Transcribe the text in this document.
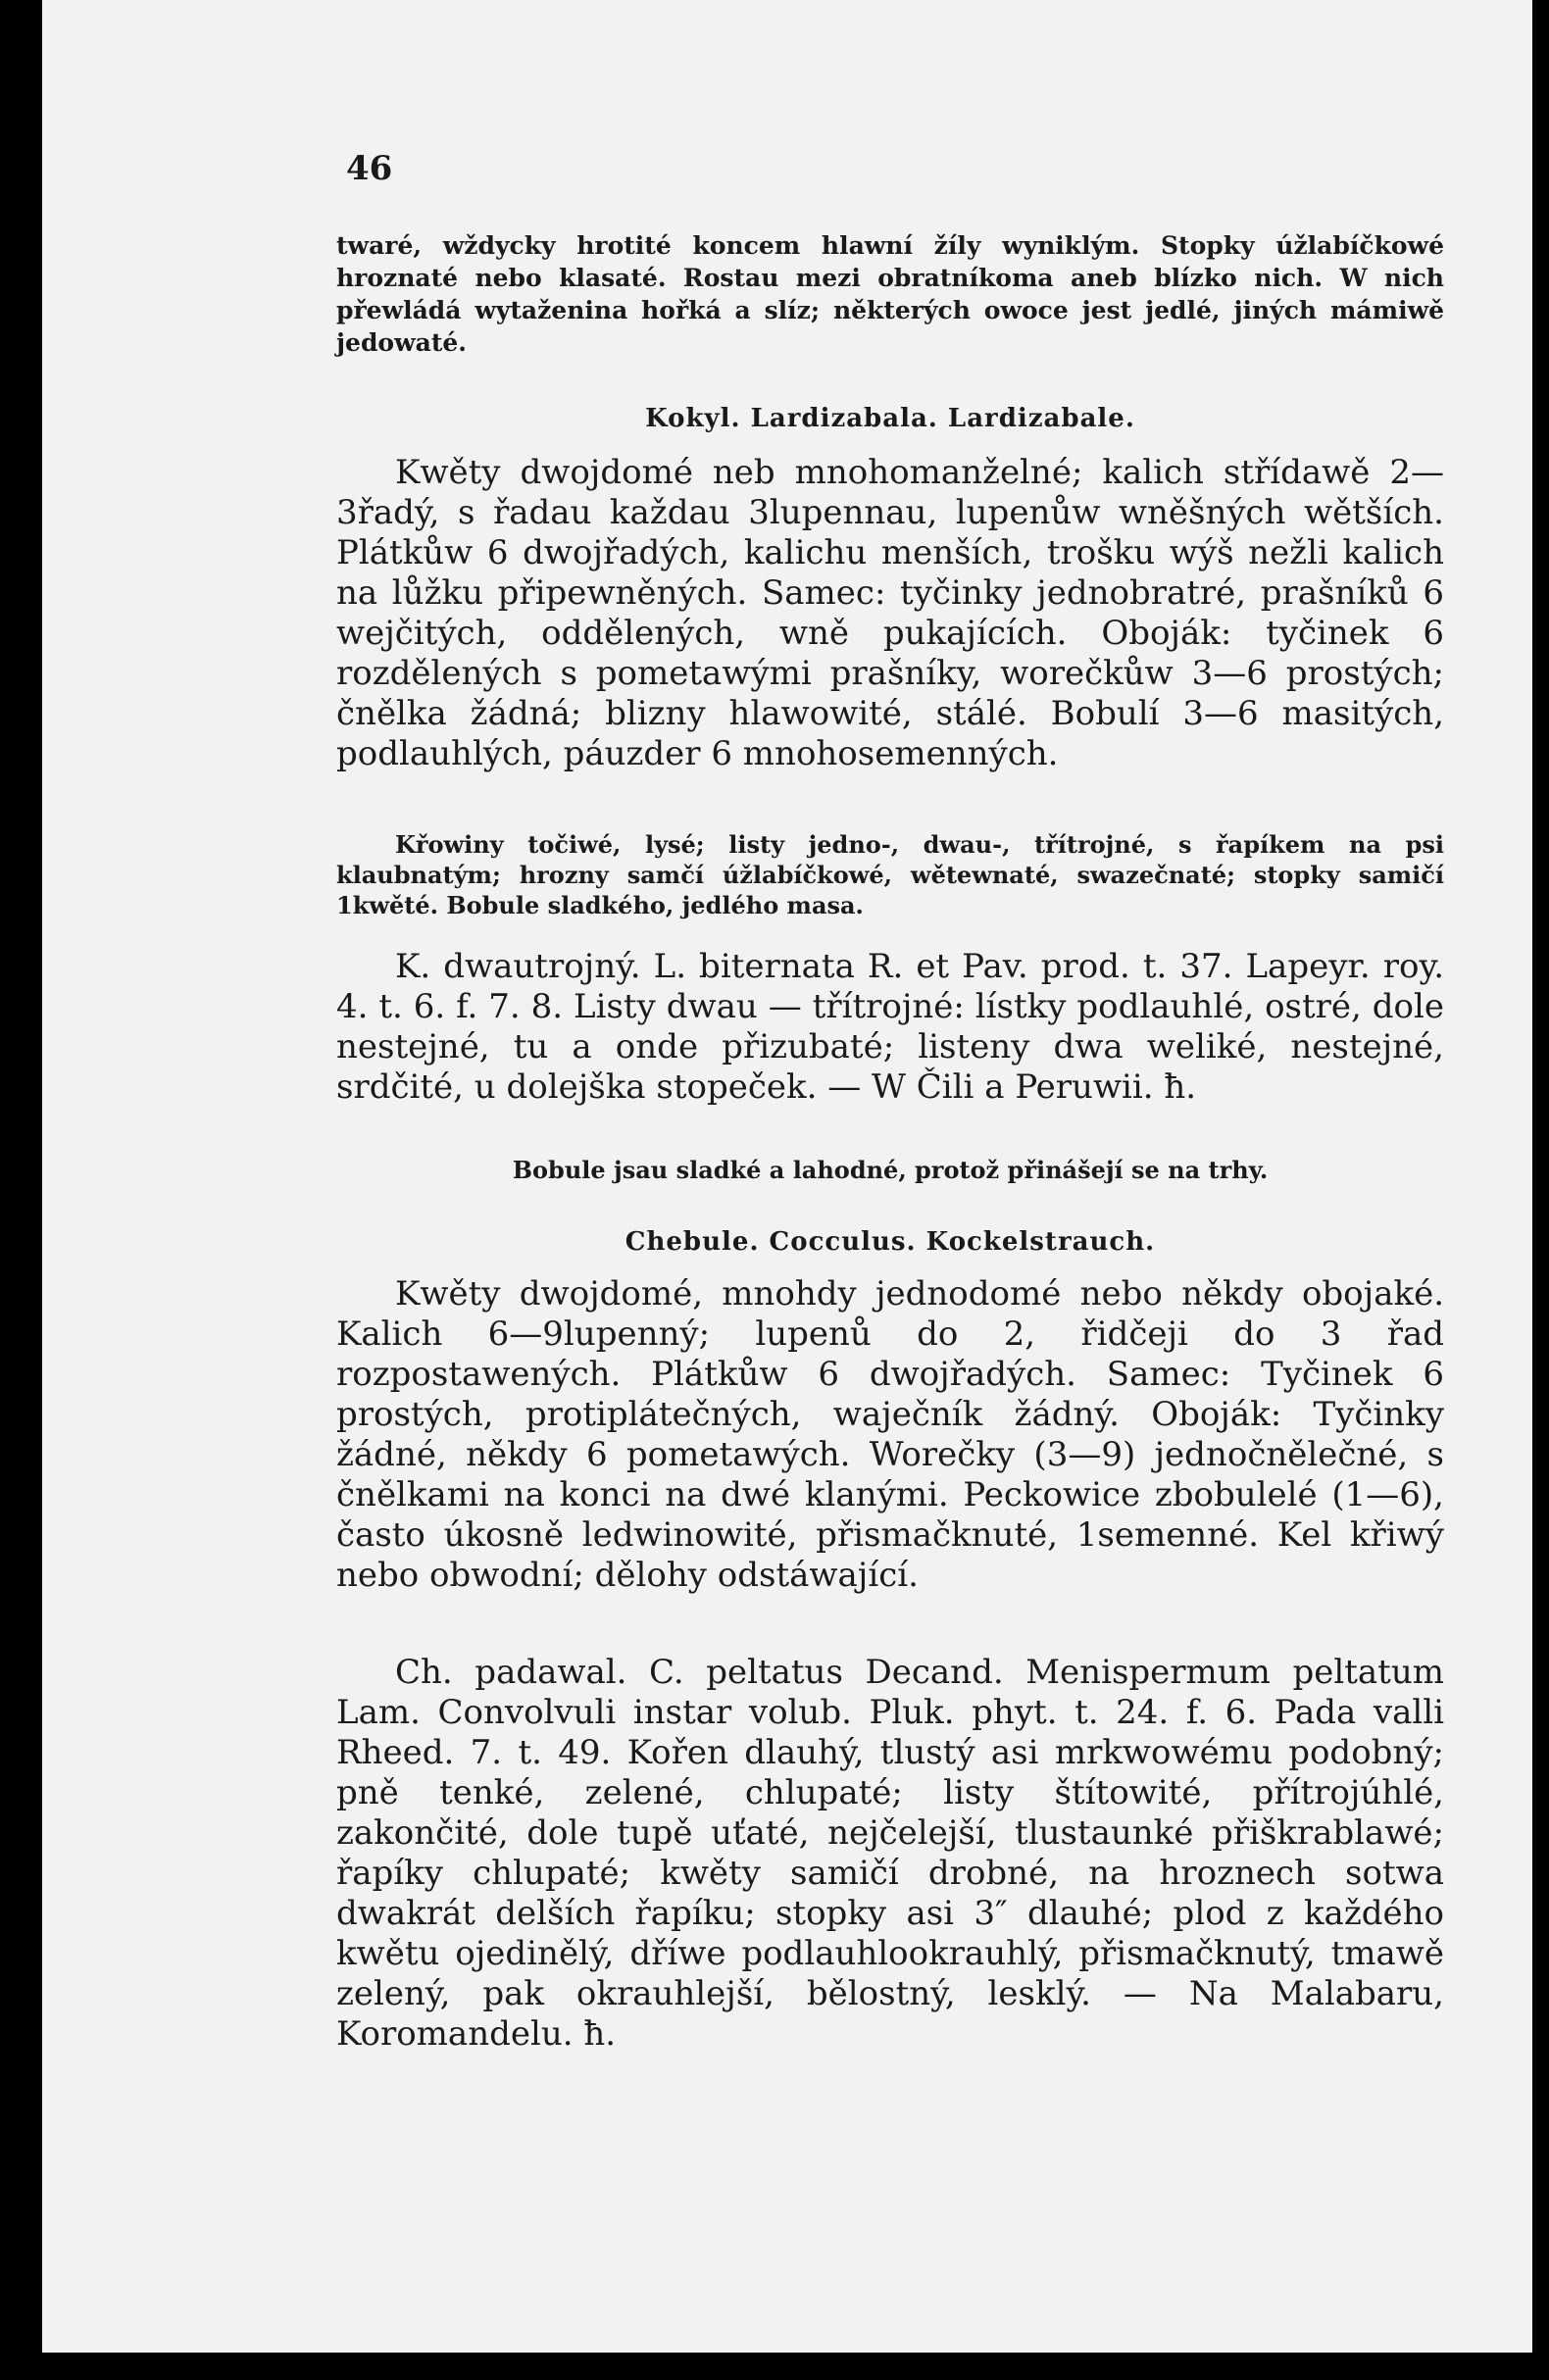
46

twaré, wždycky hrotité koncem hlawní žíly wyniklým. Stopky úžlabíčkowé hroznaté nebo klasaté. Rostau mezi obratníkoma aneb blízko nich. W nich přewládá wytaženina hořká a slíz; některých owoce jest jedlé, jiných mámiwě jedowaté.

Kokyl. Lardizabala. Lardizabale.

Kwěty dwojdomé neb mnohomanželné; kalich střídawě 2—3řadý, s řadau každau 3lupennau, lupenůw wněšných wětších. Plátkůw 6 dwojřadých, kalichu menších, trošku wýš nežli kalich na lůžku připewněných. Samec: tyčinky jednobratré, prašníků 6 wejčitých, oddělených, wně pukajících. Oboják: tyčinek 6 rozdělených s pometawými prašníky, worečkůw 3—6 prostých; čnělka žádná; blizny hlawowité, stálé. Bobulí 3—6 masitých, podlauhlých, páuzder 6 mnohosemenných.

Křowiny točiwé, lysé; listy jedno-, dwau-, třítrojné, s řapíkem na psi klaubnatým; hrozny samčí úžlabíčkowé, wětewnaté, swazečnaté; stopky samičí 1kwěté. Bobule sladkého, jedlého masa.

K. dwautrojný. L. biternata R. et Pav. prod. t. 37. Lapeyr. roy. 4. t. 6. f. 7. 8. Listy dwau — třítrojné: lístky podlauhlé, ostré, dole nestejné, tu a onde přizubaté; listeny dwa weliké, nestejné, srdčité, u dolejška stopeček. — W Čili a Peruwii. ħ.

Bobule jsau sladké a lahodné, protož přinášejí se na trhy.

Chebule. Cocculus. Kockelstrauch.

Kwěty dwojdomé, mnohdy jednodomé nebo někdy obojaké. Kalich 6—9lupenný; lupenů do 2, řidčeji do 3 řad rozpostawených. Plátkůw 6 dwojřadých. Samec: Tyčinek 6 prostých, protiplátečných, waječník žádný. Oboják: Tyčinky žádné, někdy 6 pometawých. Worečky (3—9) jednočnělečné, s čnělkami na konci na dwé klanými. Peckowice zbobulelé (1—6), často úkosně ledwinowité, přismačknuté, 1semenné. Kel křiwý nebo obwodní; dělohy odstáwající.

Ch. padawal. C. peltatus Decand. Menispermum peltatum Lam. Convolvuli instar volub. Pluk. phyt. t. 24. f. 6. Pada valli Rheed. 7. t. 49. Kořen dlauhý, tlustý asi mrkwowému podobný; pně tenké, zelené, chlupaté; listy štítowité, přítrojúhlé, zakončité, dole tupě uťaté, nejčelejší, tlustaunké přiškrablawé; řapíky chlupaté; kwěty samičí drobné, na hroznech sotwa dwakrát delších řapíku; stopky asi 3″ dlauhé; plod z každého kwětu ojedinělý, dříwe podlauhlookrauhlý, přismačknutý, tmawě zelený, pak okrauhlejší, bělostný, lesklý. — Na Malabaru, Koromandelu. ħ.
